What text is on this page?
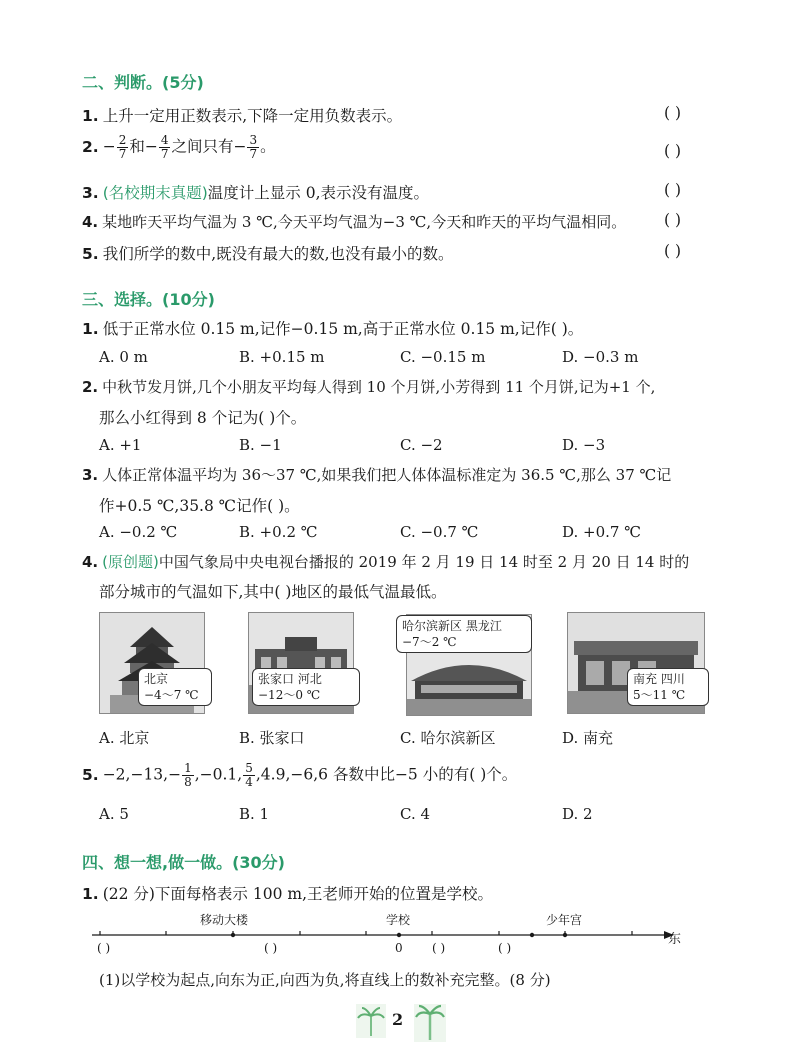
二、判断。(5分)
1. 上升一定用正数表示,下降一定用负数表示。	( )
2. − $\frac{2}{7}$ 和− $\frac{4}{7}$ 之间只有− $\frac{3}{7}$ 。	( )
3. (名校期末真题)温度计上显示 0,表示没有温度。	( )
4. 某地昨天平均气温为 3 ℃,今天平均气温为−3 ℃,今天和昨天的平均气温相同。 ( )
5. 我们所学的数中,既没有最大的数,也没有最小的数。	( )
三、选择。(10分)
1. 低于正常水位 0.15 m,记作−0.15 m,高于正常水位 0.15 m,记作( )。
A. 0 m	B. +0.15 m	C. −0.15 m	D. −0.3 m
2. 中秋节发月饼,几个小朋友平均每人得到 10 个月饼,小芳得到 11 个月饼,记为+1 个,
那么小红得到 8 个记为( )个。
A. +1	B. −1	C. −2	D. −3
3. 人体正常体温平均为 36～37 ℃,如果我们把人体体温标准定为 36.5 ℃,那么 37 ℃记
作+0.5 ℃,35.8 ℃记作( )。
A. −0.2 ℃	B. +0.2 ℃	C. −0.7 ℃	D. +0.7 ℃
4. (原创题)中国气象局中央电视台播报的 2019 年 2 月 19 日 14 时至 2 月 20 日 14 时的
部分城市的气温如下,其中( )地区的最低气温最低。
北京
−4～7 ℃
张家口 河北
−12～0 ℃
哈尔滨新区 黑龙江
−7～2 ℃
南充 四川
5～11 ℃
A. 北京	B. 张家口	C. 哈尔滨新区	D. 南充
5. $-2,-13,- \frac{1}{8} ,-0.1$, $\frac{5}{4} ,4.9,-6,6$ 各数中比−5 小的有( )个。
A. 5	B. 1	C. 4	D. 2
四、想一想,做一做。(30分)
1. (22 分)下面每格表示 100 m,王老师开始的位置是学校。
移动大楼	学校	少年宫
东
( )	( )	0 ( )	( )
(1)以学校为起点,向东为正,向西为负,将直线上的数补充完整。(8 分)
2
